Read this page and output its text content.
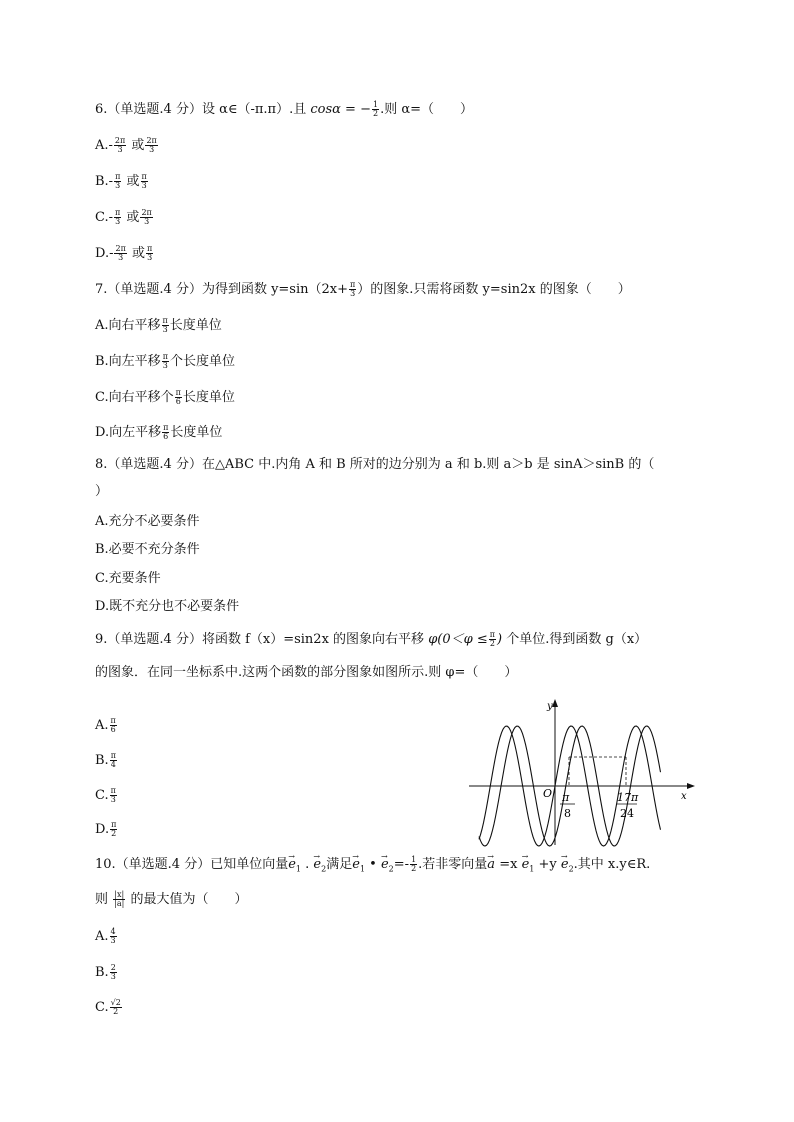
6.（单选题.4 分）设 α∈（-π.π）.且 cosα = − $\frac{1}{2}$ .则 α=（　　）
$A.- \frac{2\pi}{3}$ 或 $\frac{2\pi}{3}$
$B.- \frac{\pi}{3}$ 或 $\frac{\pi}{3}$
$C.- \frac{\pi}{3}$ 或 $\frac{2\pi}{3}$
$D.- \frac{2\pi}{3}$ 或 $\frac{\pi}{3}$
7.（单选题.4 分）为得到函数 $y=\sin(2x+ \frac{\pi}{3}$ ）的图象.只需将函数 y=sin2x 的图象（　　）
A.向右平移 $\frac{\pi}{3}$ 长度单位
B.向左平移 $\frac{\pi}{3}$ 个长度单位
C.向右平移个 $\frac{\pi}{6}$ 长度单位
D.向左平移 $\frac{\pi}{6}$ 长度单位
8.（单选题.4 分）在△ABC 中.内角 A 和 B 所对的边分别为 a 和 b.则 a＞b 是 sinA＞sinB 的（
）
A.充分不必要条件
B.必要不充分条件
C.充要条件
D.既不充分也不必要条件
9.（单选题.4 分）将函数 f（x）=sin2x 的图象向右平移 $\varphi(0<\varphi \le \frac{\pi}{2}$ ) 个单位.得到函数 g（x）
的图象．在同一坐标系中.这两个函数的部分图象如图所示.则 φ=（　　）
A. $\frac{\pi}{6}$
B. $\frac{\pi}{4}$
C. $\frac{\pi}{3}$
D. $\frac{\pi}{2}$
y
x
O π
8
17π
24
10.（单选题.4 分）已知单位向量→ $e_1$ . → $e_2$满足→ $e_1$ • → $e_2=- \frac{1}{2}$ .若非零向量→ $a =x \to e_1 +y \to e_2$.其中 x.y∈R.
则 $\frac{|x|}{|a|}$ 的最大值为（　　）
A. $\frac{4}{3}$
B. $\frac{2}{3}$
C. $\frac{√2}{2}$
